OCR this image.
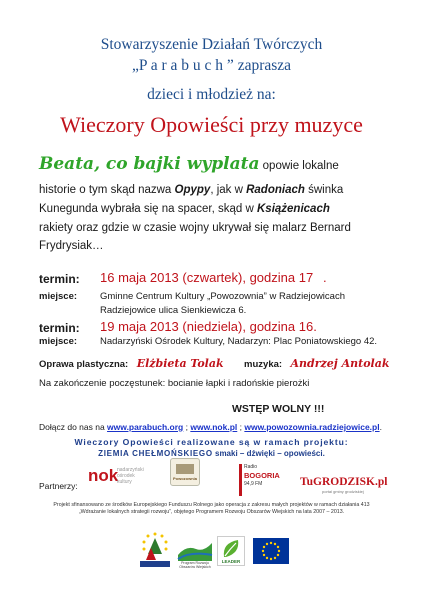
Stowarzyszenie Działań Twórczych
„P a r a b u c h ” zaprasza
dzieci i młodzież na:
Wieczory Opowieści przy muzyce
Beata, co bajki wyplata opowie lokalne
historie o tym skąd nazwa Opypy, jak w Radoniach świnka
Kunegunda wybrała się na spacer, skąd w Książenicach
rakiety oraz gdzie w czasie wojny ukrywał się malarz Bernard
Frydrysiak…
termin: 16 maja 2013 (czwartek), godzina 17 .
miejsce: Gminne Centrum Kultury „Powozownia” w Radziejowicach
Radziejowice ulica Sienkiewicza 6.
termin: 19 maja 2013 (niedziela), godzina 16.
miejsce: Nadarzyński Ośrodek Kultury, Nadarzyn: Plac Poniatowskiego 42.
Oprawa plastyczna: Elżbieta Tolak muzyka: Andrzej Antolak
Na zakończenie poczęstunek: bocianie łapki i radońskie pierożki
WSTĘP WOLNY !!!
Dołącz do nas na www.parabuch.org ; www.nok.pl ; www.powozownia.radziejowice.pl.
Wieczory Opowieści realizowane są w ramach projektu:
ZIEMIA CHEŁMOŃSKIEGO smaki – dźwięki – opowieści.
Partnerzy:
nok
nadarzyński ośrodek kultury
Powozownia
Radio
BOGORIA
94,9 FM	TuGRODZISK.pl
portal gminy grodziskiej
Projekt sfinansowano ze środków Europejskiego Funduszu Rolnego jako operacja z zakresu małych projektów w ramach działania 413
„Wdrażanie lokalnych strategii rozwoju”, objętego Programem Rozwoju Obszarów Wiejskich na lata 2007 – 2013.
Program Rozwoju Obszarów Wiejskich
LEADER
